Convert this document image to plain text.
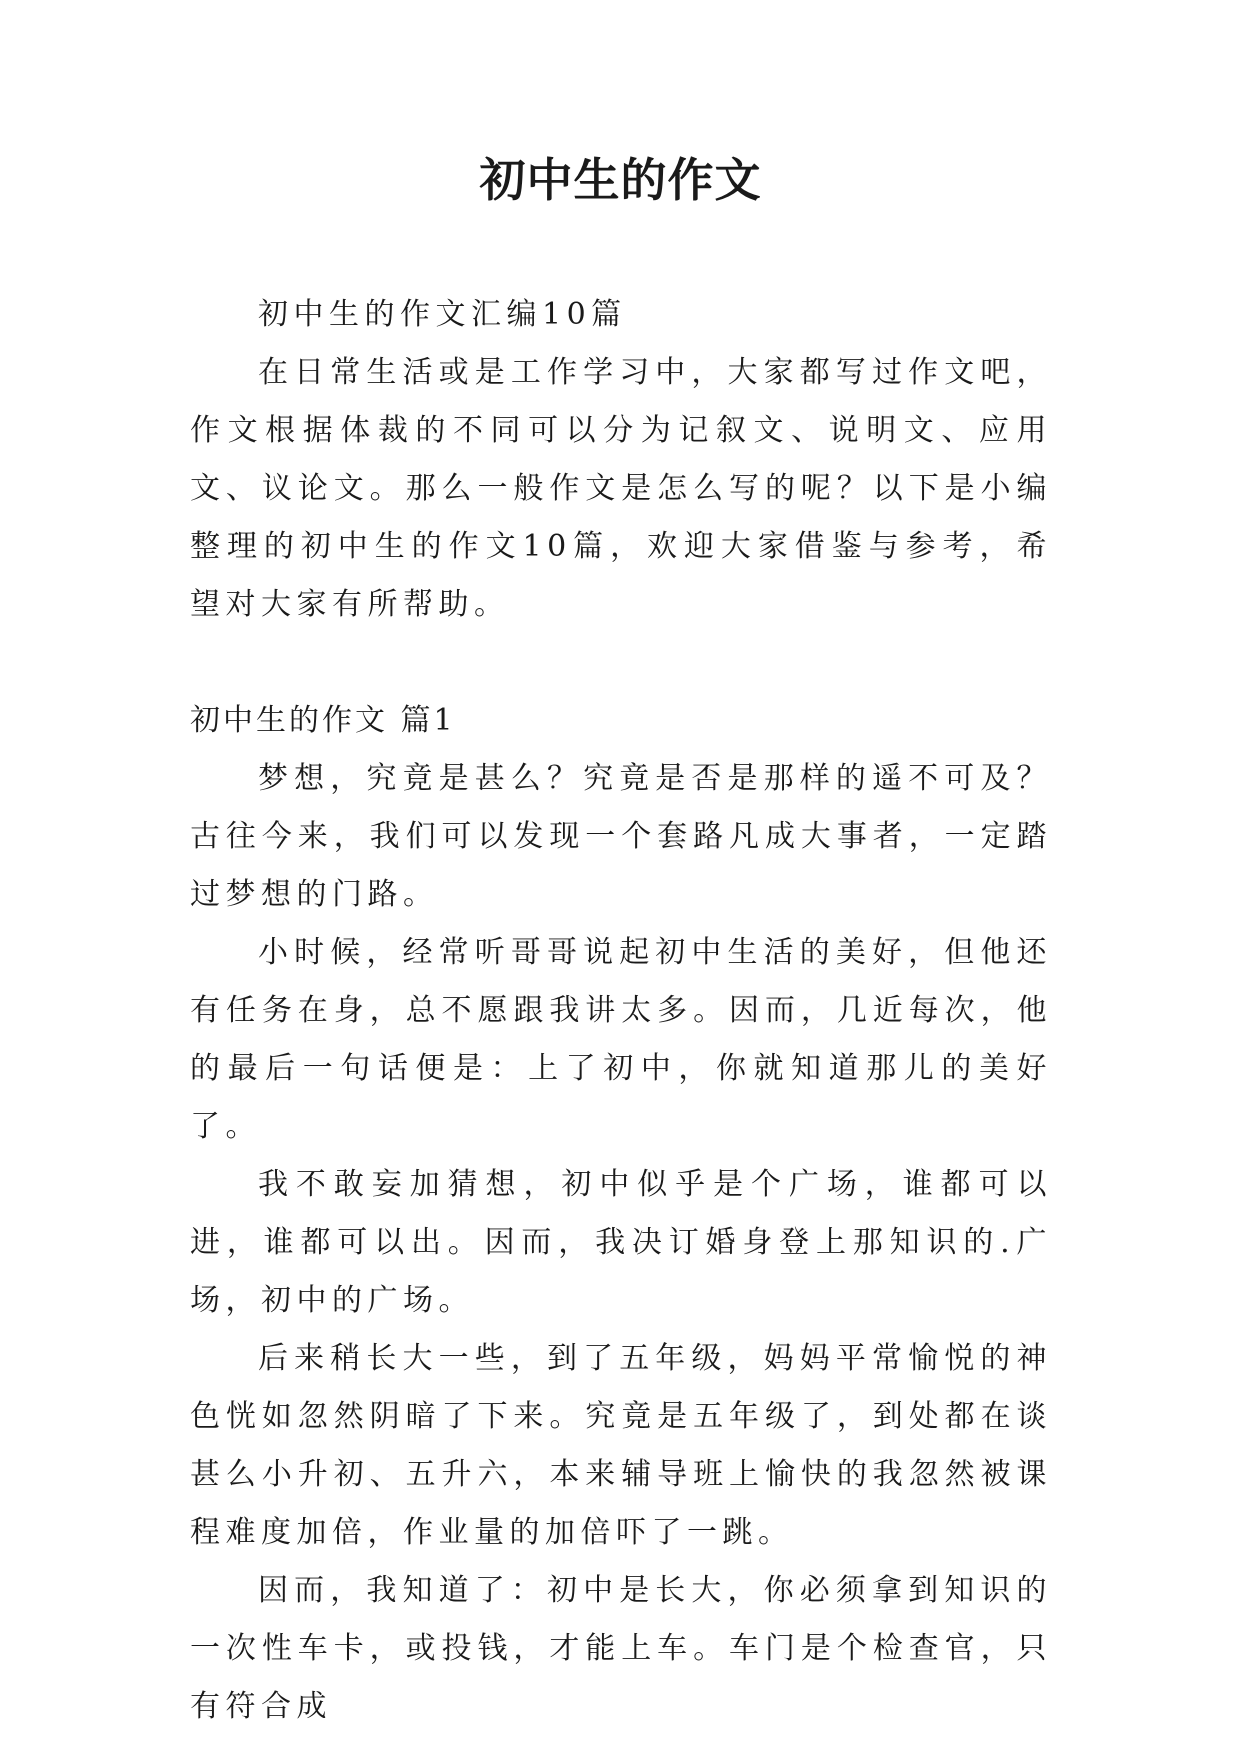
初中生的作文

初中生的作文汇编10篇

在日常生活或是工作学习中，大家都写过作文吧，作文根据体裁的不同可以分为记叙文、说明文、应用文、议论文。那么一般作文是怎么写的呢？以下是小编整理的初中生的作文10篇，欢迎大家借鉴与参考，希望对大家有所帮助。

初中生的作文 篇1

梦想，究竟是甚么？究竟是否是那样的遥不可及？古往今来，我们可以发现一个套路凡成大事者，一定踏过梦想的门路。

小时候，经常听哥哥说起初中生活的美好，但他还有任务在身，总不愿跟我讲太多。因而，几近每次，他的最后一句话便是：上了初中，你就知道那儿的美好了。

我不敢妄加猜想，初中似乎是个广场，谁都可以进，谁都可以出。因而，我决订婚身登上那知识的.广场，初中的广场。

后来稍长大一些，到了五年级，妈妈平常愉悦的神色恍如忽然阴暗了下来。究竟是五年级了，到处都在谈甚么小升初、五升六，本来辅导班上愉快的我忽然被课程难度加倍，作业量的加倍吓了一跳。

因而，我知道了：初中是长大，你必须拿到知识的一次性车卡，或投钱，才能上车。车门是个检查官，只有符合成
